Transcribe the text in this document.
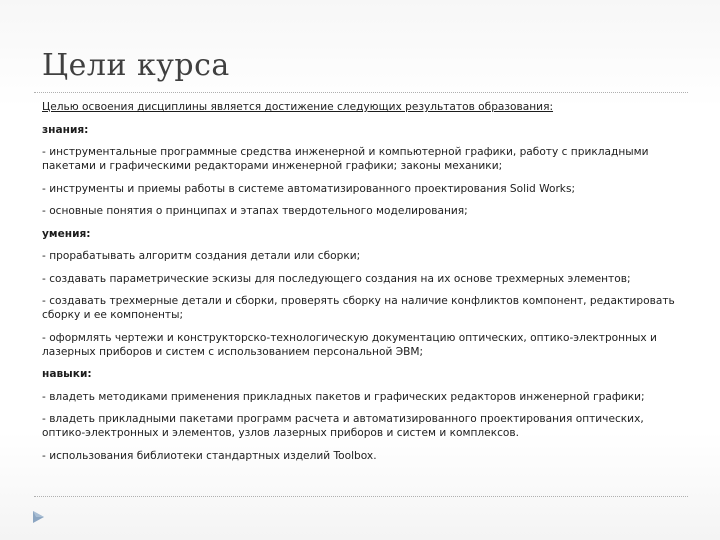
Цели курса

Целью освоения дисциплины является достижение следующих результатов образования:

знания:

- инструментальные программные средства инженерной и компьютерной графики, работу с прикладными пакетами и графическими редакторами инженерной графики; законы механики;

- инструменты и приемы работы в системе автоматизированного проектирования Solid Works;

- основные понятия о принципах и этапах твердотельного моделирования;

умения:

- прорабатывать алгоритм создания детали или сборки;

- создавать параметрические эскизы для последующего создания на их основе трехмерных элементов;

- создавать трехмерные детали и сборки, проверять сборку на наличие конфликтов компонент, редактировать сборку и ее компоненты;

- оформлять чертежи и конструкторско-технологическую документацию оптических, оптико-электронных и лазерных приборов и систем с использованием персональной ЭВМ;

навыки:

- владеть методиками применения прикладных пакетов и графических редакторов инженерной графики;

- владеть прикладными пакетами программ расчета и автоматизированного проектирования оптических, оптико-электронных и элементов, узлов лазерных приборов и систем и комплексов.

- использования библиотеки стандартных изделий Toolbox.
